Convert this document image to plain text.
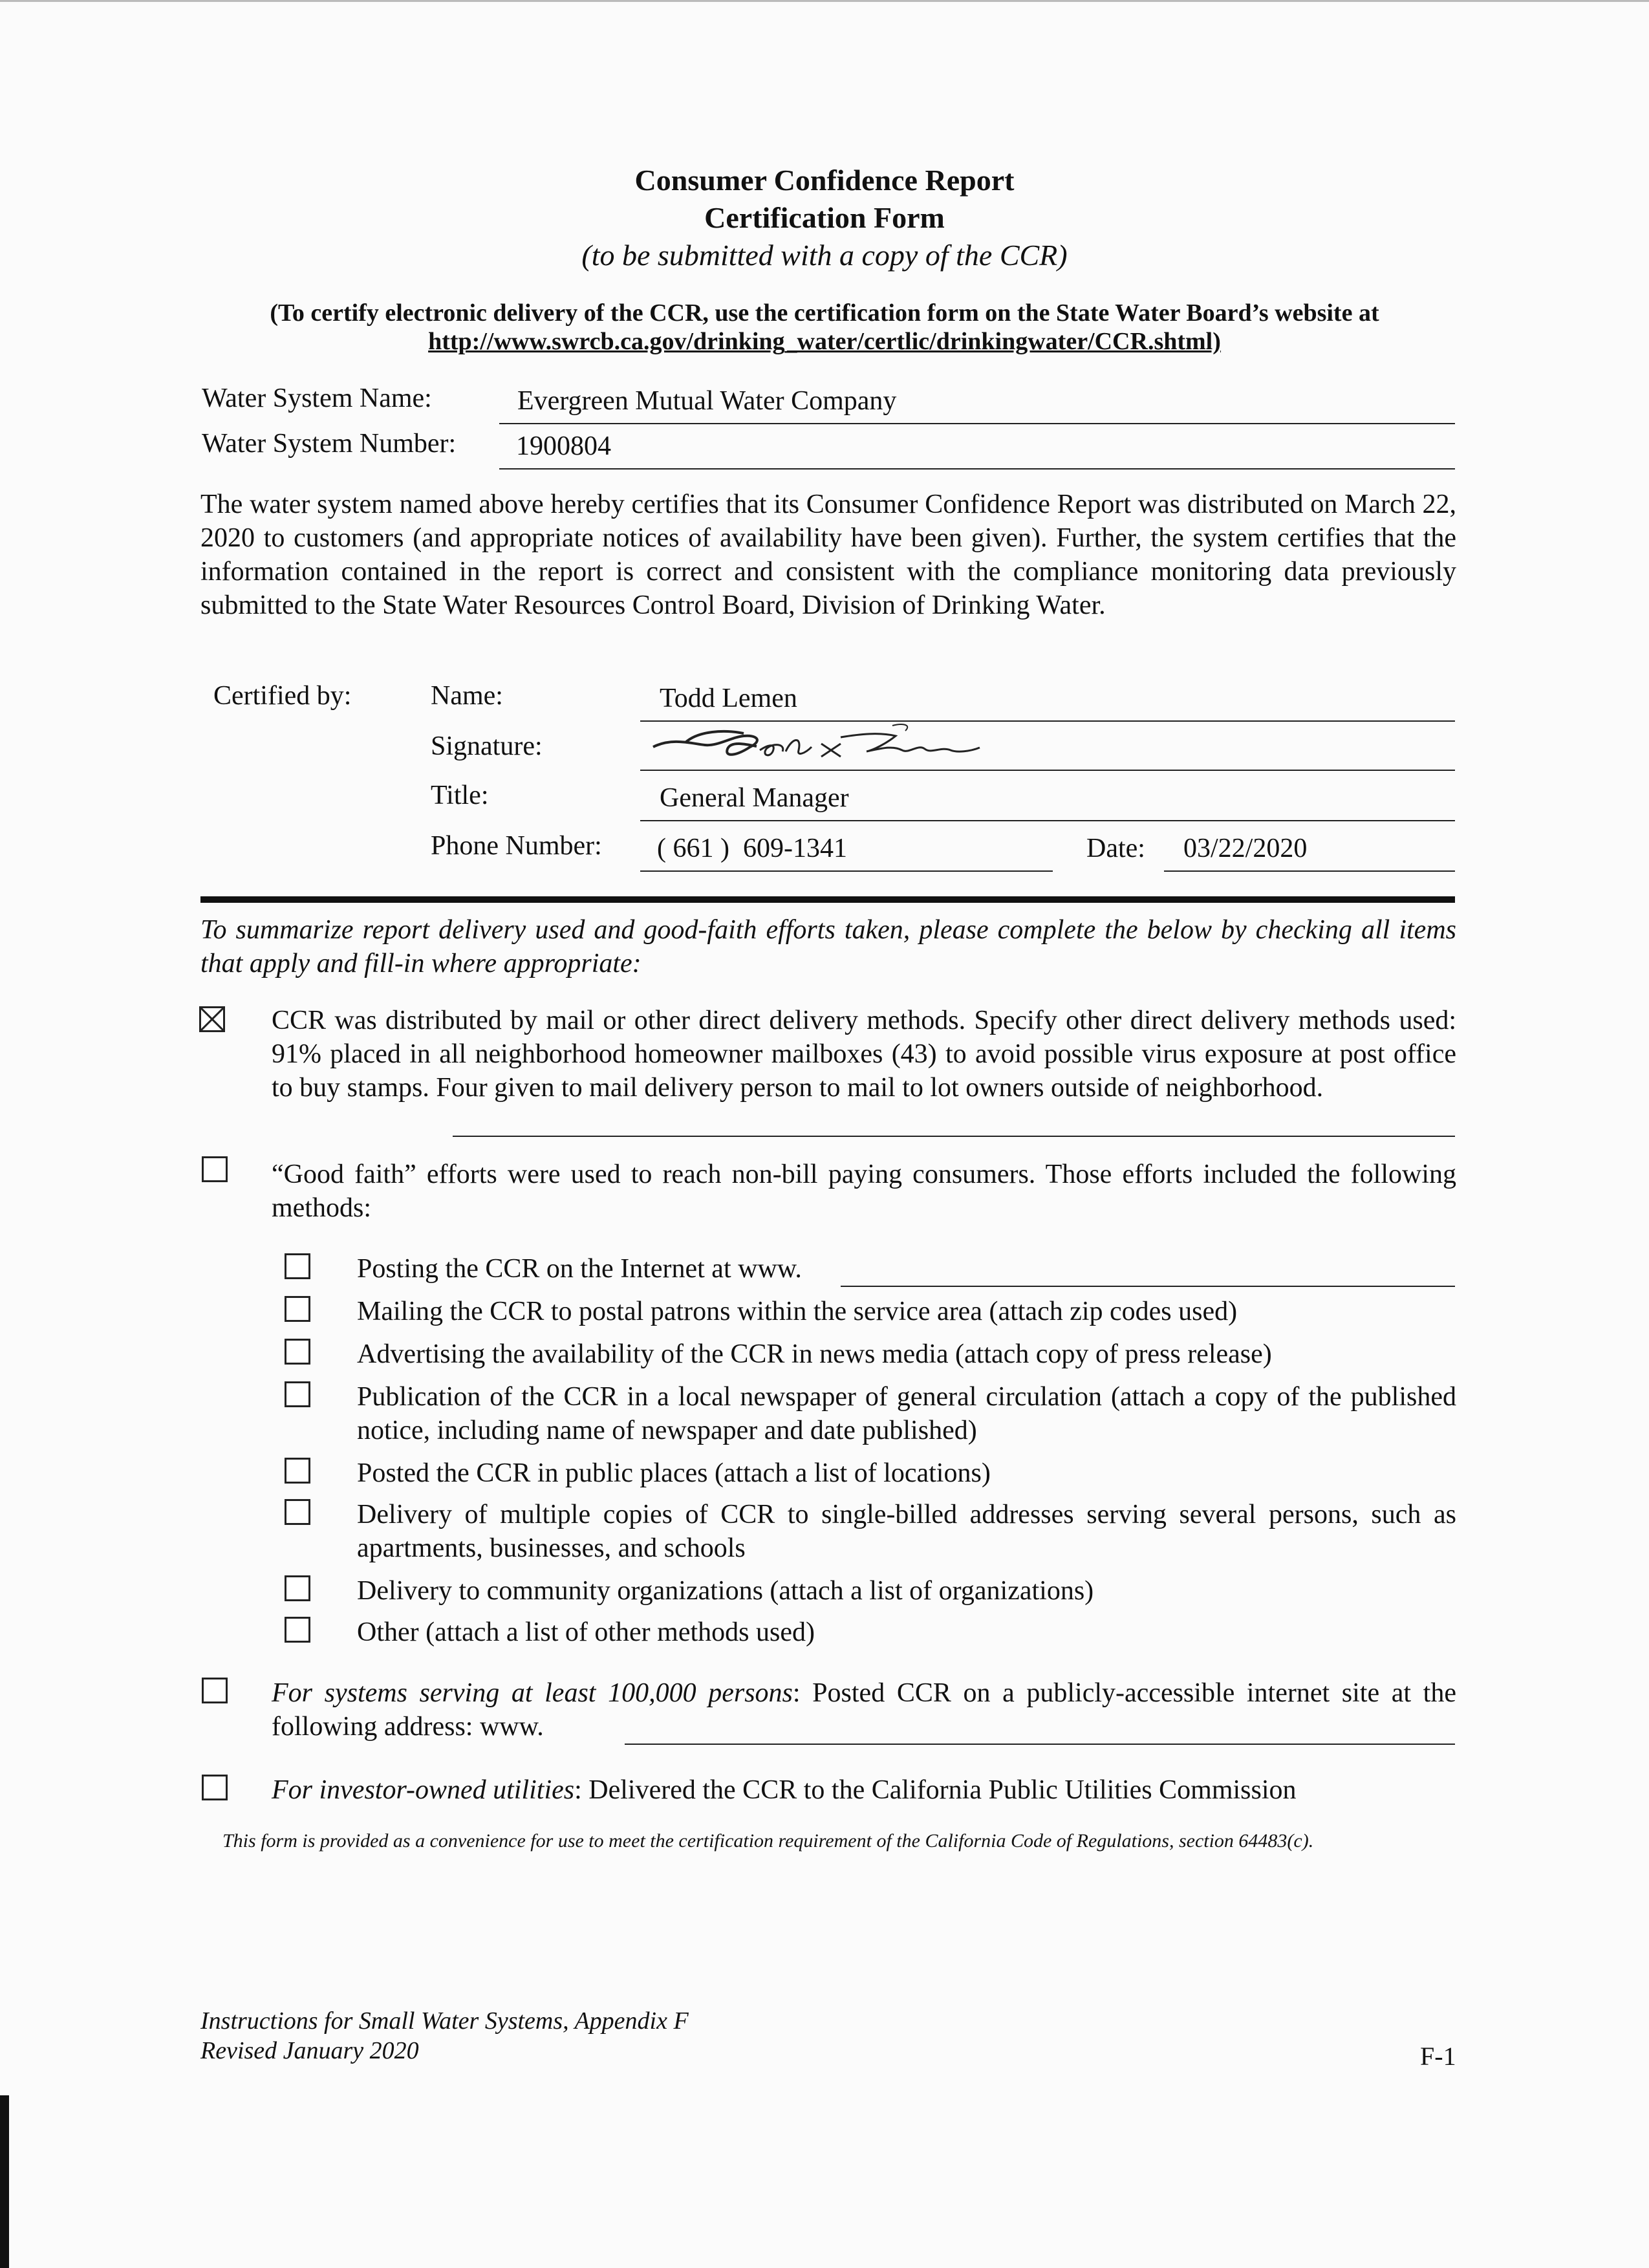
Consumer Confidence Report
Certification Form
(to be submitted with a copy of the CCR)
(To certify electronic delivery of the CCR, use the certification form on the State Water Board’s website at
http://www.swrcb.ca.gov/drinking_water/certlic/drinkingwater/CCR.shtml)
Water System Name:	Evergreen Mutual Water Company
Water System Number: 1900804
The water system named above hereby certifies that its Consumer Confidence Report was distributed on March 22, 2020 to customers (and appropriate notices of availability have been given). Further, the system certifies that the information contained in the report is correct and consistent with the compliance monitoring data previously submitted to the State Water Resources Control Board, Division of Drinking Water.
Certified by:	Name:	Todd Lemen
Signature:
Title:	General Manager
Phone Number: ( 661 )  609-1341	Date: 03/22/2020
To summarize report delivery used and good-faith efforts taken, please complete the below by checking all items that apply and fill-in where appropriate:
CCR was distributed by mail or other direct delivery methods. Specify other direct delivery methods used: 91% placed in all neighborhood homeowner mailboxes (43) to avoid possible virus exposure at post office to buy stamps. Four given to mail delivery person to mail to lot owners outside of neighborhood.
“Good faith” efforts were used to reach non-bill paying consumers. Those efforts included the following methods:
Posting the CCR on the Internet at www.
Mailing the CCR to postal patrons within the service area (attach zip codes used)
Advertising the availability of the CCR in news media (attach copy of press release)
Publication of the CCR in a local newspaper of general circulation (attach a copy of the published notice, including name of newspaper and date published)
Posted the CCR in public places (attach a list of locations)
Delivery of multiple copies of CCR to single-billed addresses serving several persons, such as apartments, businesses, and schools
Delivery to community organizations (attach a list of organizations)
Other (attach a list of other methods used)
For systems serving at least 100,000 persons: Posted CCR on a publicly-accessible internet site at the following address: www.
For investor-owned utilities: Delivered the CCR to the California Public Utilities Commission
This form is provided as a convenience for use to meet the certification requirement of the California Code of Regulations, section 64483(c).
Instructions for Small Water Systems, Appendix F
Revised January 2020	F-1
